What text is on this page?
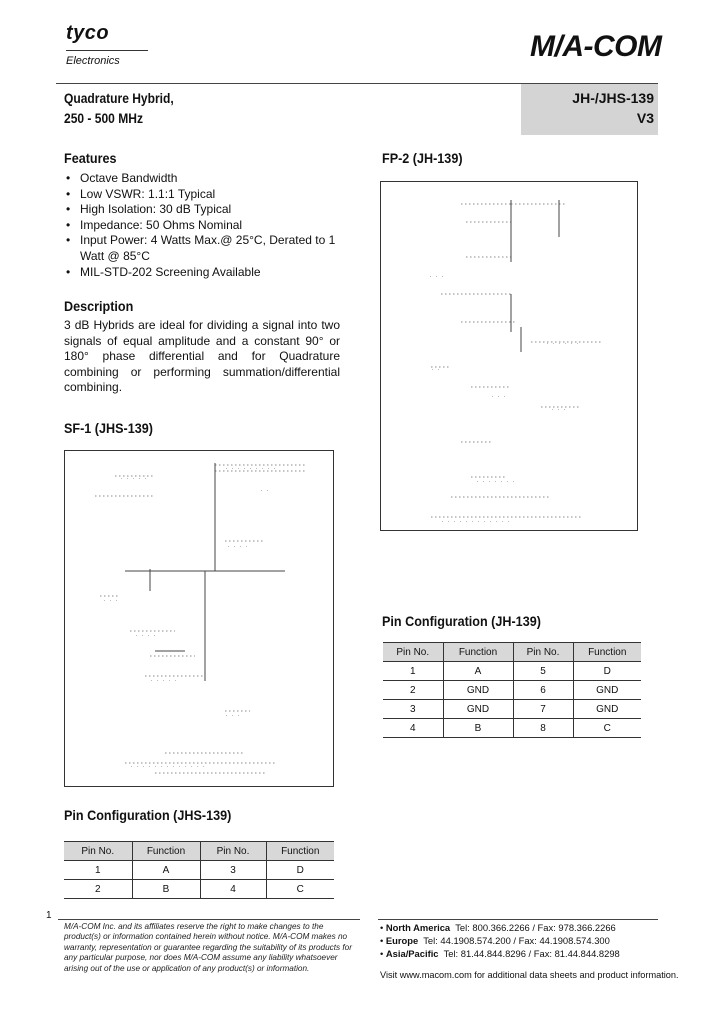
tyco
Electronics	M/A-COM
Quadrature Hybrid,
250 - 500 MHz
JH-/JHS-139
V3
Features
• Octave Bandwidth
• Low VSWR: 1.1:1 Typical
• High Isolation: 30 dB Typical
• Impedance: 50 Ohms Nominal
• Input Power: 4 Watts Max.@ 25°C, Derated to 1 Watt @ 85°C
• MIL-STD-202 Screening Available
Description
3 dB Hybrids are ideal for dividing a signal into two signals of equal amplitude and a constant 90° or 180° phase differential and for Quadrature combining or performing summation/differential combining.
FP-2 (JH-139)
. . .
. . . . . .
. .
. . .
. . .
. . . . . . .
. . . . . . . . . . . .
SF-1 (JHS-139)
. . . . .
. . . . . . . . .
. .
. . . .
. . .
. . . .
. . . . .
. . .
. . . . . . . . . . . . .
Pin Configuration (JH-139)
Pin No.	Function	Pin No.	Function
1	A	5	D
2	GND	6	GND
3	GND	7	GND
4	B	8	C
Pin Configuration (JHS-139)
Pin No.	Function	Pin No.	Function
1	A	3	D
2	B	4	C
1
M/A-COM Inc. and its affiliates reserve the right to make changes to the product(s) or information contained herein without notice. M/A-COM makes no warranty, representation or guarantee regarding the suitability of its products for any particular purpose, nor does M/A-COM assume any liability whatsoever arising out of the use or application of any product(s) or information.
• North America Tel: 800.366.2266 / Fax: 978.366.2266
• Europe Tel: 44.1908.574.200 / Fax: 44.1908.574.300
• Asia/Pacific Tel: 81.44.844.8296 / Fax: 81.44.844.8298
Visit www.macom.com for additional data sheets and product information.
